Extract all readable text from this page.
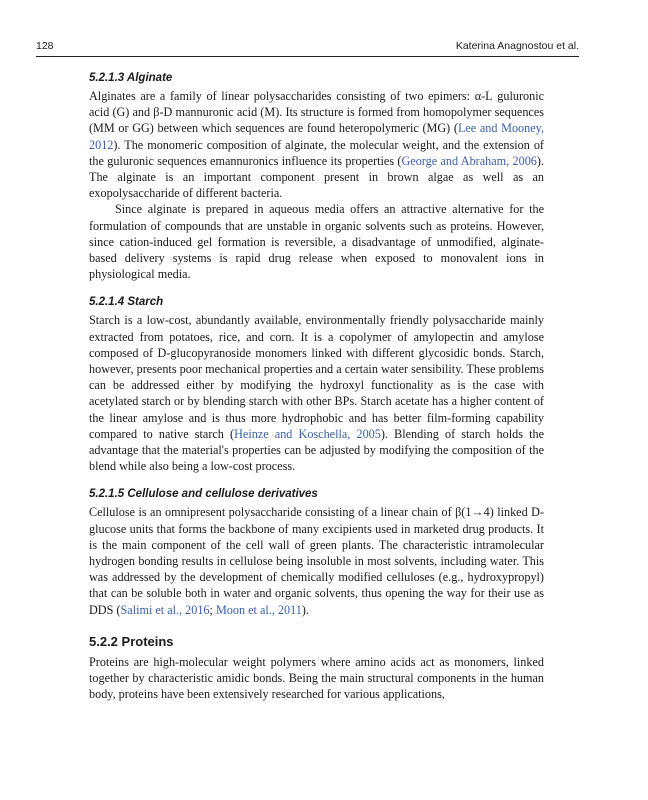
128	Katerina Anagnostou et al.
5.2.1.3 Alginate

Alginates are a family of linear polysaccharides consisting of two epimers: α-L guluronic acid (G) and β-D mannuronic acid (M). Its structure is formed from homopolymer sequences (MM or GG) between which sequences are found heteropolymeric (MG) (Lee and Mooney, 2012). The monomeric composition of alginate, the molecular weight, and the extension of the guluronic sequences emannuronics influence its properties (George and Abraham, 2006). The alginate is an important component present in brown algae as well as an exopolysaccharide of different bacteria.

Since alginate is prepared in aqueous media offers an attractive alternative for the formulation of compounds that are unstable in organic solvents such as proteins. However, since cation-induced gel formation is reversible, a disadvantage of unmodified, alginate-based delivery systems is rapid drug release when exposed to monovalent ions in physiological media.

5.2.1.4 Starch

Starch is a low-cost, abundantly available, environmentally friendly polysaccharide mainly extracted from potatoes, rice, and corn. It is a copolymer of amylopectin and amylose composed of D-glucopyranoside monomers linked with different glycosidic bonds. Starch, however, presents poor mechanical properties and a certain water sensibility. These problems can be addressed either by modifying the hydroxyl functionality as is the case with acetylated starch or by blending starch with other BPs. Starch acetate has a higher content of the linear amylose and is thus more hydrophobic and has better film-forming capability compared to native starch (Heinze and Koschella, 2005). Blending of starch holds the advantage that the material's properties can be adjusted by modifying the composition of the blend while also being a low-cost process.

5.2.1.5 Cellulose and cellulose derivatives

Cellulose is an omnipresent polysaccharide consisting of a linear chain of β(1→4) linked D-glucose units that forms the backbone of many excipients used in marketed drug products. It is the main component of the cell wall of green plants. The characteristic intramolecular hydrogen bonding results in cellulose being insoluble in most solvents, including water. This was addressed by the development of chemically modified celluloses (e.g., hydroxypropyl) that can be soluble both in water and organic solvents, thus opening the way for their use as DDS (Salimi et al., 2016; Moon et al., 2011).

5.2.2 Proteins

Proteins are high-molecular weight polymers where amino acids act as monomers, linked together by characteristic amidic bonds. Being the main structural components in the human body, proteins have been extensively researched for various applications,
